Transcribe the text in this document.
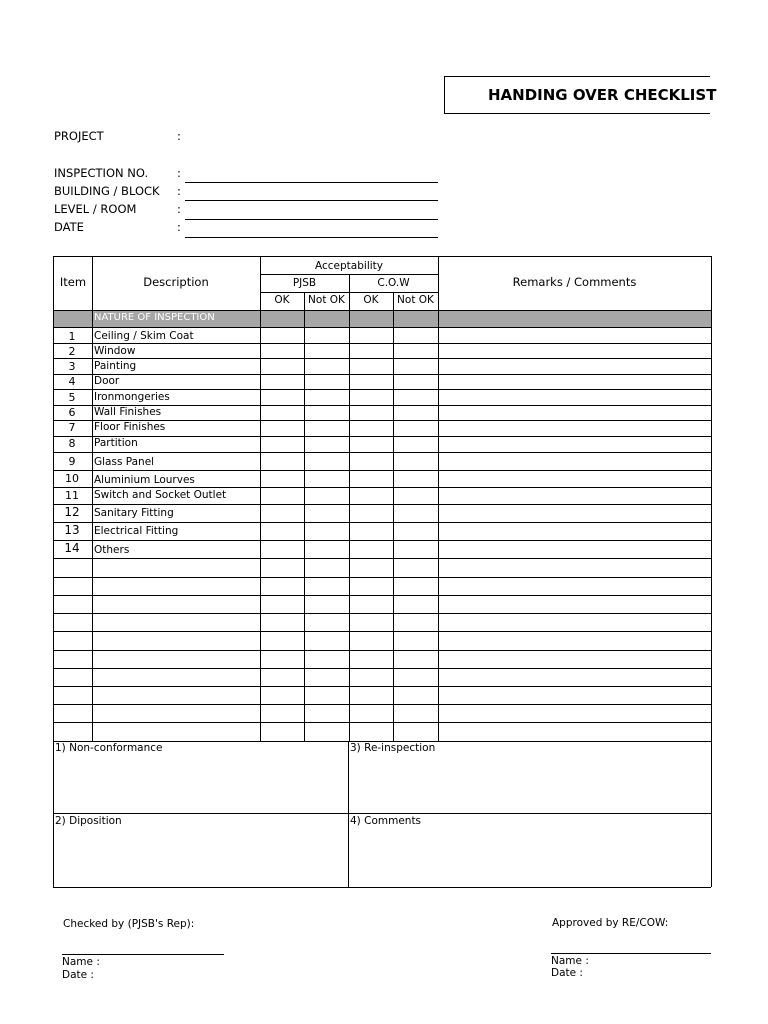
HANDING OVER CHECKLIST
PROJECT	:
INSPECTION NO.	:
BUILDING / BLOCK :
LEVEL / ROOM	:
DATE	:
Item	Description
Acceptability
PJSB	C.O.W
OK	Not OK	OK	Not OK
Remarks / Comments
NATURE OF INSPECTION
1	Ceiling / Skim Coat
2	Window
3	Painting
4	Door
5	Ironmongeries
6	Wall Finishes
7	Floor Finishes
8	Partition
9	Glass Panel
10	Aluminium Lourves
11	Switch and Socket Outlet
12	Sanitary Fitting
13	Electrical Fitting
14	Others
1) Non-conformance	3) Re-inspection
2) Diposition	4) Comments
Checked by (PJSB's Rep):
Name :
Date :
Approved by RE/COW:
Name :
Date :
